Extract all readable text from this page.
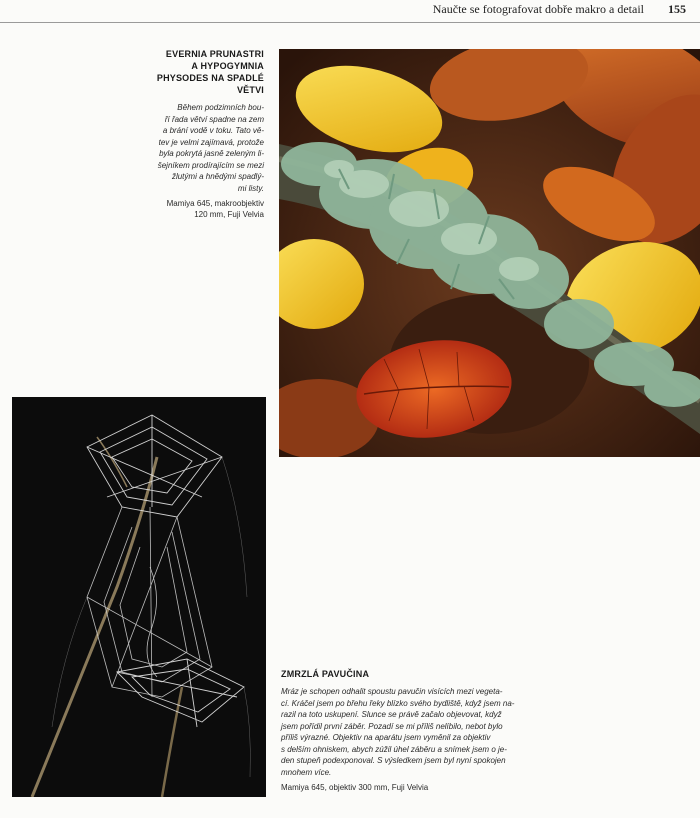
Naučte se fotografovat dobře makro a detail 155
EVERNIA PRUNASTRI
A HYPOGYMNIA
PHYSODES NA SPADLÉ
VĚTVI
Během podzimních bou-
ří řada větví spadne na zem
a brání vodě v toku. Tato vě-
tev je velmi zajímavá, protože
byla pokrytá jasně zeleným li-
šejníkem prodírajícím se mezi
žlutými a hnědými spadlý-
mi listy.
Mamiya 645, makroobjektiv
120 mm, Fuji Velvia
ZMRZLÁ PAVUČINA
Mráz je schopen odhalit spoustu pavučin visících mezi vegeta-
cí. Kráčel jsem po břehu řeky blízko svého bydliště, když jsem na-
razil na toto uskupení. Slunce se právě začalo objevovat, když
jsem pořídil první záběr. Pozadí se mi příliš nelíbilo, nebot bylo
příliš výrazné. Objektiv na aparátu jsem vyměnil za objektiv
s delším ohniskem, abych zúžil úhel záběru a snímek jsem o je-
den stupeň podexponoval. S výsledkem jsem byl nyní spokojen
mnohem více.
Mamiya 645, objektiv 300 mm, Fuji Velvia
